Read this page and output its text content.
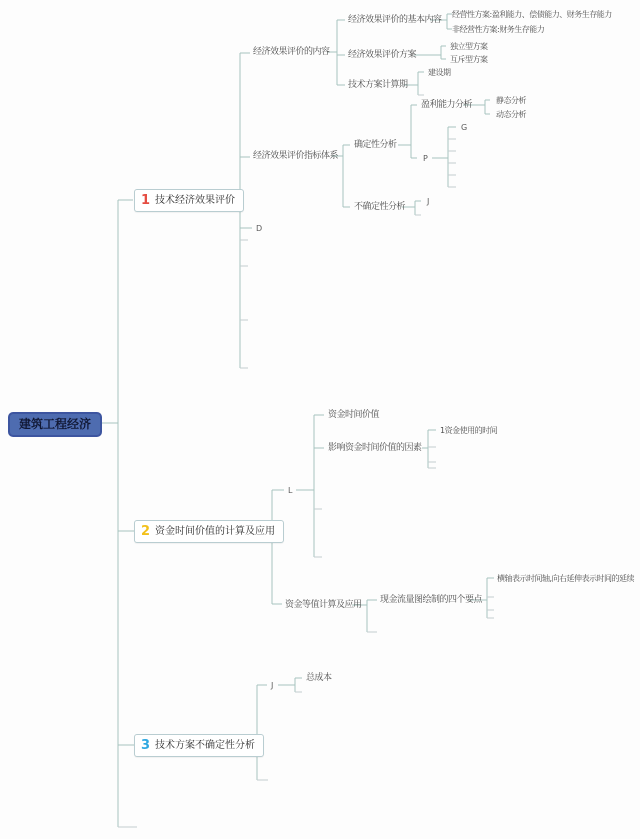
建筑工程经济
1 技术经济效果评价
2 资金时间价值的计算及应用
3 技术方案不确定性分析
经济效果评价的内容
经济效果评价的基本内容
经营性方案:盈利能力、偿债能力、财务生存能力
非经营性方案:财务生存能力
经济效果评价方案
独立型方案
互斥型方案
技术方案计算期
建设期
经济效果评价指标体系
确定性分析
盈利能力分析	静态分析
动态分析
P
G
不确定性分析
J
D
资金时间价值
影响资金时间价值的因素
1资金使用的时间
L
资金等值计算及应用 现金流量图绘制的四个要点
横轴表示时间轴,向右延伸表示时间的延续
J
总成本
